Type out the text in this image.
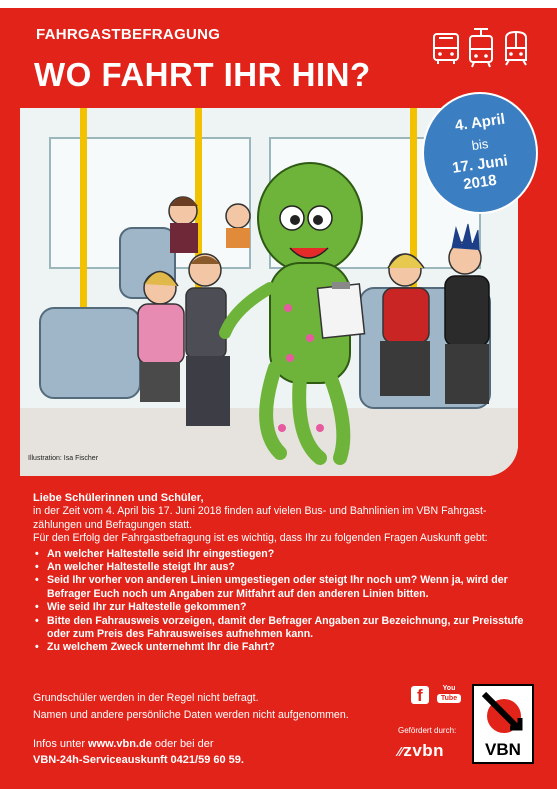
FAHRGASTBEFRAGUNG
WO FAHRT IHR HIN?
Illustration: Isa Fischer
4. April
bis
17. Juni
2018

Liebe Schülerinnen und Schüler,

in der Zeit vom 4. April bis 17. Juni 2018 finden auf vielen Bus- und Bahnlinien im VBN Fahrgast-zählungen und Befragungen statt.

Für den Erfolg der Fahrgastbefragung ist es wichtig, dass Ihr zu folgenden Fragen Auskunft gebt:

• An welcher Haltestelle seid Ihr eingestiegen?
• An welcher Haltestelle steigt Ihr aus?
• Seid Ihr vorher von anderen Linien umgestiegen oder steigt Ihr noch um? Wenn ja, wird der Befrager Euch noch um Angaben zur Mitfahrt auf den anderen Linien bitten.
• Wie seid Ihr zur Haltestelle gekommen?
• Bitte den Fahrausweis vorzeigen, damit der Befrager Angaben zur Bezeichnung, zur Preisstufe oder zum Preis des Fahrausweises aufnehmen kann.
• Zu welchem Zweck unternehmt Ihr die Fahrt?
Grundschüler werden in der Regel nicht befragt.
Namen und andere persönliche Daten werden nicht aufgenommen.
Infos unter www.vbn.de oder bei der
VBN-24h-Serviceauskunft 0421/59 60 59.
f	You
Tube
Gefördert durch:
⁄⁄zvbn	VBN
